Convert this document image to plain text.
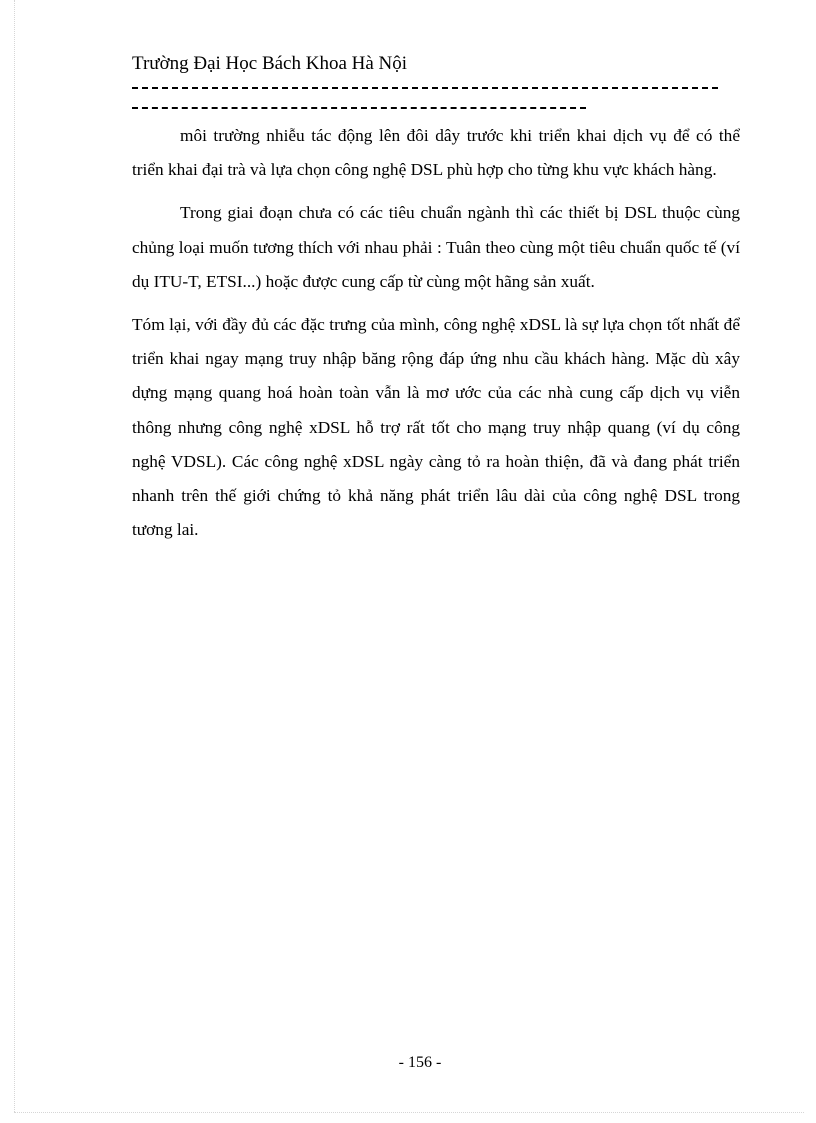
Trường Đại Học Bách Khoa Hà Nội

môi trường nhiễu tác động lên đôi dây trước khi triển khai dịch vụ để có thể triển khai đại trà và lựa chọn công nghệ DSL phù hợp cho từng khu vực khách hàng.

Trong giai đoạn chưa có các tiêu chuẩn ngành thì các thiết bị DSL thuộc cùng chủng loại muốn tương thích với nhau phải : Tuân theo cùng một tiêu chuẩn quốc tế (ví dụ ITU-T, ETSI...) hoặc được cung cấp từ cùng một hãng sản xuất.

Tóm lại, với đầy đủ các đặc trưng của mình, công nghệ xDSL là sự lựa chọn tốt nhất để triển khai ngay mạng truy nhập băng rộng đáp ứng nhu cầu khách hàng. Mặc dù xây dựng mạng quang hoá hoàn toàn vẫn là mơ ước của các nhà cung cấp dịch vụ viễn thông nhưng công nghệ xDSL hỗ trợ rất tốt cho mạng truy nhập quang (ví dụ công nghệ VDSL). Các công nghệ xDSL ngày càng tỏ ra hoàn thiện, đã và đang phát triển nhanh trên thế giới chứng tỏ khả năng phát triển lâu dài của công nghệ DSL trong tương lai.

- 156 -
